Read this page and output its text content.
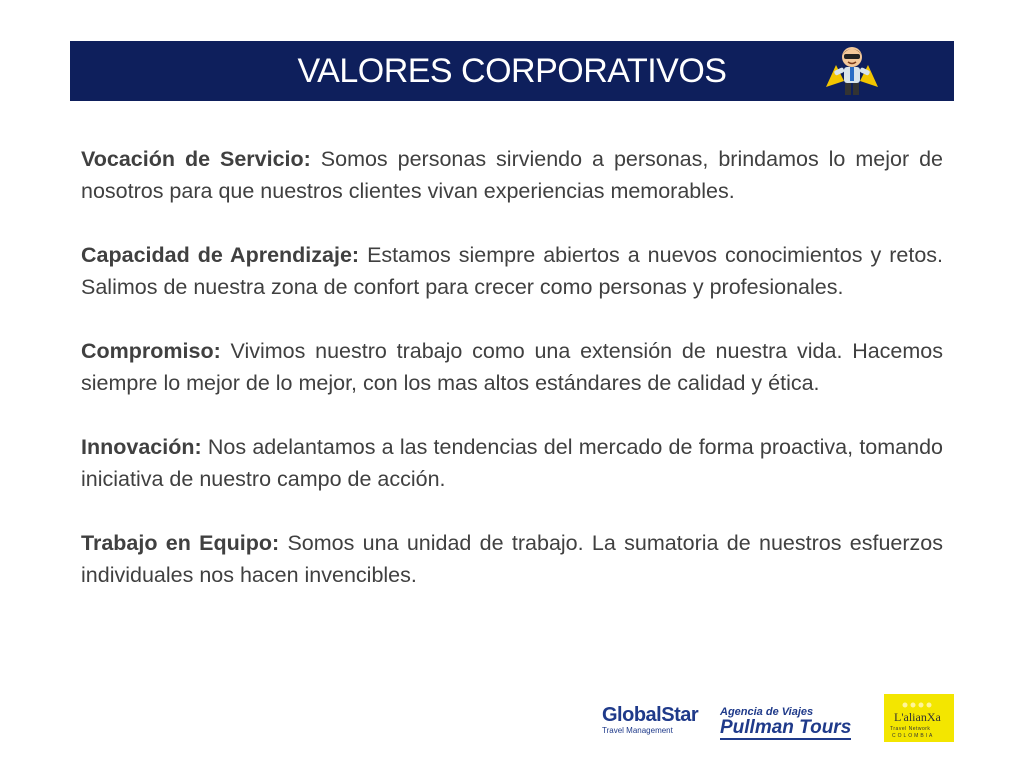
VALORES CORPORATIVOS

Vocación de Servicio: Somos personas sirviendo a personas, brindamos lo mejor de nosotros para que nuestros clientes vivan experiencias memorables.

Capacidad de Aprendizaje: Estamos siempre abiertos a nuevos conocimientos y retos. Salimos de nuestra zona de confort para crecer como personas y profesionales.

Compromiso: Vivimos nuestro trabajo como una extensión de nuestra vida. Hacemos siempre lo mejor de lo mejor, con los mas altos estándares de calidad y ética.

Innovación: Nos adelantamos a las tendencias del mercado de forma proactiva, tomando iniciativa de nuestro campo de acción.

Trabajo en Equipo: Somos una unidad de trabajo. La sumatoria de nuestros esfuerzos individuales nos hacen invencibles.

GlobalStar
Travel Management
Agencia de Viajes
Pullman Tours	L'alianXa
Travel Network
COLOMBIA
